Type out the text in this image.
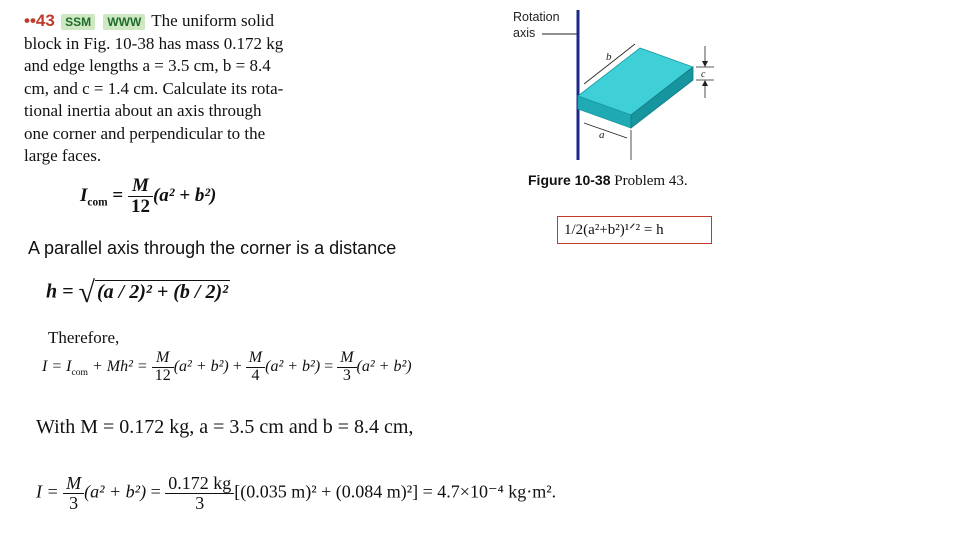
••43 SSM WWW The uniform solid
block in Fig. 10-38 has mass 0.172 kg
and edge lengths a = 3.5 cm, b = 8.4
cm, and c = 1.4 cm. Calculate its rota-
tional inertia about an axis through
one corner and perpendicular to the
large faces.
Rotation
axis
b
a
c
Figure 10-38 Problem 43.
1/2(a²+b²)¹ᐟ² = h
$I_{com} = \frac{M}{12} (a^2 + b^2)$
A parallel axis through the corner is a distance
h = √ (a / 2)² + (b / 2)²
Therefore,
$I = I_{com} + Mh^2 = \frac{M}{12} (a^2 + b^2) + \frac{M}{4} (a^2 + b^2) = \frac{M}{3} (a^2 + b^2)$
With M = 0.172 kg, a = 3.5 cm and b = 8.4 cm,
$I = \frac{M}{3} (a^2 + b^2) = \frac{0.172 kg}{3} [(0.035$ m)² + (0.084 m)²] = 4.7×10⁻⁴ kg·m².
